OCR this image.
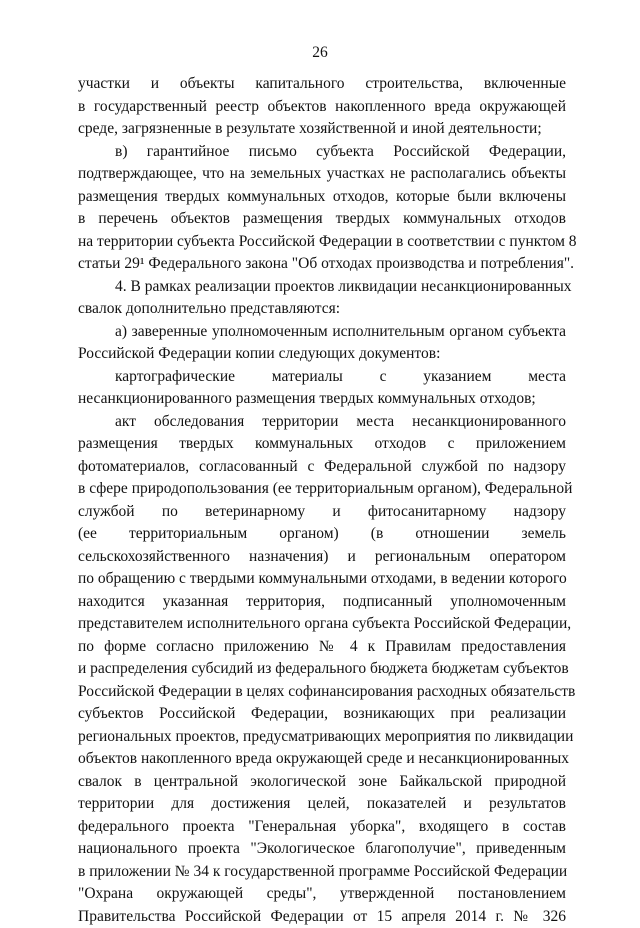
26
участки и объекты капитального строительства, включенные
в государственный реестр объектов накопленного вреда окружающей
среде, загрязненные в результате хозяйственной и иной деятельности;
в) гарантийное письмо субъекта Российской Федерации,
подтверждающее, что на земельных участках не располагались объекты
размещения твердых коммунальных отходов, которые были включены
в перечень объектов размещения твердых коммунальных отходов
на территории субъекта Российской Федерации в соответствии с пунктом 8
статьи 29¹ Федерального закона "Об отходах производства и потребления".
4. В рамках реализации проектов ликвидации несанкционированных
свалок дополнительно представляются:
а) заверенные уполномоченным исполнительным органом субъекта
Российской Федерации копии следующих документов:
картографические материалы с указанием места
несанкционированного размещения твердых коммунальных отходов;
акт обследования территории места несанкционированного
размещения твердых коммунальных отходов с приложением
фотоматериалов, согласованный с Федеральной службой по надзору
в сфере природопользования (ее территориальным органом), Федеральной
службой по ветеринарному и фитосанитарному надзору
(ее территориальным органом) (в отношении земель
сельскохозяйственного назначения) и региональным оператором
по обращению с твердыми коммунальными отходами, в ведении которого
находится указанная территория, подписанный уполномоченным
представителем исполнительного органа субъекта Российской Федерации,
по форме согласно приложению № 4 к Правилам предоставления
и распределения субсидий из федерального бюджета бюджетам субъектов
Российской Федерации в целях софинансирования расходных обязательств
субъектов Российской Федерации, возникающих при реализации
региональных проектов, предусматривающих мероприятия по ликвидации
объектов накопленного вреда окружающей среде и несанкционированных
свалок в центральной экологической зоне Байкальской природной
территории для достижения целей, показателей и результатов
федерального проекта "Генеральная уборка", входящего в состав
национального проекта "Экологическое благополучие", приведенным
в приложении № 34 к государственной программе Российской Федерации
"Охрана окружающей среды", утвержденной постановлением
Правительства Российской Федерации от 15 апреля 2014 г. № 326
